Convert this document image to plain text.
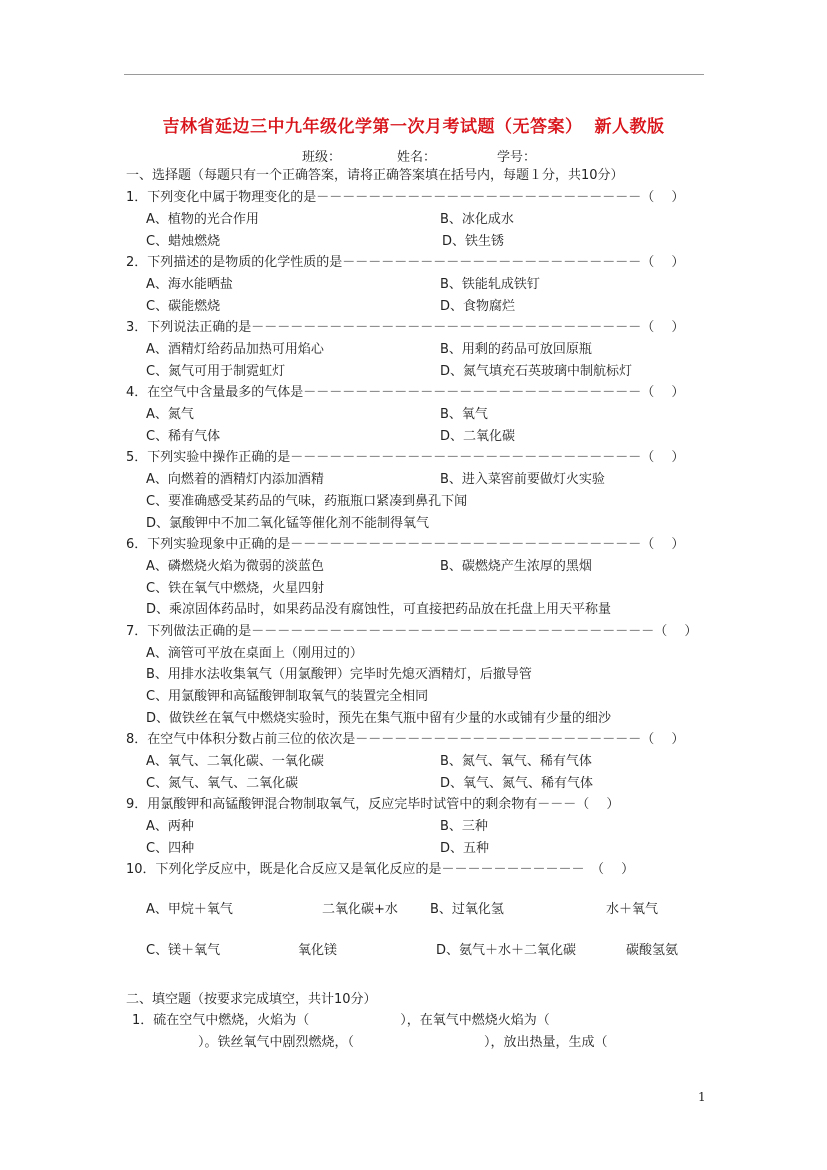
吉林省延边三中九年级化学第一次月考试题（无答案） 新人教版
班级：	姓名：	学号：
一、选择题（每题只有一个正确答案，请将正确答案填在括号内，每题１分，共10分）
1．下列变化中属于物理变化的是－－－－－－－－－－－－－－－－－－－－－－－－－（　 ）
A、植物的光合作用	B、冰化成水
C、蜡烛燃烧	D、铁生锈
2．下列描述的是物质的化学性质的是－－－－－－－－－－－－－－－－－－－－－－－（　 ）
A、海水能晒盐	B、铁能轧成铁钉
C、碳能燃烧	D、食物腐烂
3．下列说法正确的是－－－－－－－－－－－－－－－－－－－－－－－－－－－－－－（　 ）
A、酒精灯给药品加热可用焰心	B、用剩的药品可放回原瓶
C、氮气可用于制霓虹灯	D、氮气填充石英玻璃中制航标灯
4．在空气中含量最多的气体是－－－－－－－－－－－－－－－－－－－－－－－－－－（　 ）
A、氮气	B、氧气
C、稀有气体	D、二氧化碳
5．下列实验中操作正确的是－－－－－－－－－－－－－－－－－－－－－－－－－－－（　 ）
A、向燃着的酒精灯内添加酒精	B、进入菜窖前要做灯火实验
C、要准确感受某药品的气味，药瓶瓶口紧凑到鼻孔下闻
D、氯酸钾中不加二氧化锰等催化剂不能制得氧气
6．下列实验现象中正确的是－－－－－－－－－－－－－－－－－－－－－－－－－－－（　 ）
A、磷燃烧火焰为微弱的淡蓝色	B、碳燃烧产生浓厚的黑烟
C、铁在氧气中燃烧，火星四射
D、乘凉固体药品时，如果药品没有腐蚀性，可直接把药品放在托盘上用天平称量
7．下列做法正确的是－－－－－－－－－－－－－－－－－－－－－－－－－－－－－－－（　 ）
A、滴管可平放在桌面上（刚用过的）
B、用排水法收集氧气（用氯酸钾）完毕时先熄灭酒精灯，后撤导管
C、用氯酸钾和高锰酸钾制取氧气的装置完全相同
D、做铁丝在氧气中燃烧实验时，预先在集气瓶中留有少量的水或铺有少量的细沙
8．在空气中体积分数占前三位的依次是－－－－－－－－－－－－－－－－－－－－－－（　 ）
A、氧气、二氧化碳、一氧化碳	B、氮气、氧气、稀有气体
C、氮气、氧气、二氧化碳	D、氧气、氮气、稀有气体
9．用氯酸钾和高锰酸钾混合物制取氧气，反应完毕时试管中的剩余物有－－－（　 ）
A、两种	B、三种
C、四种	D、五种
10．下列化学反应中，既是化合反应又是氧化反应的是－－－－－－－－－－－　（　 ）
A、甲烷＋氧气	二氧化碳+水 B、过氧化氢	水＋氧气
C、镁＋氧气	氧化镁	D、氨气＋水＋二氧化碳	碳酸氢氨
二、填空题（按要求完成填空，共计10分）
1．硫在空气中燃烧，火焰为（　　　　　　　），在氧气中燃烧火焰为（
　　　　）。铁丝氧气中剧烈燃烧，（　　　　　　　　　　），放出热量，生成（
1
